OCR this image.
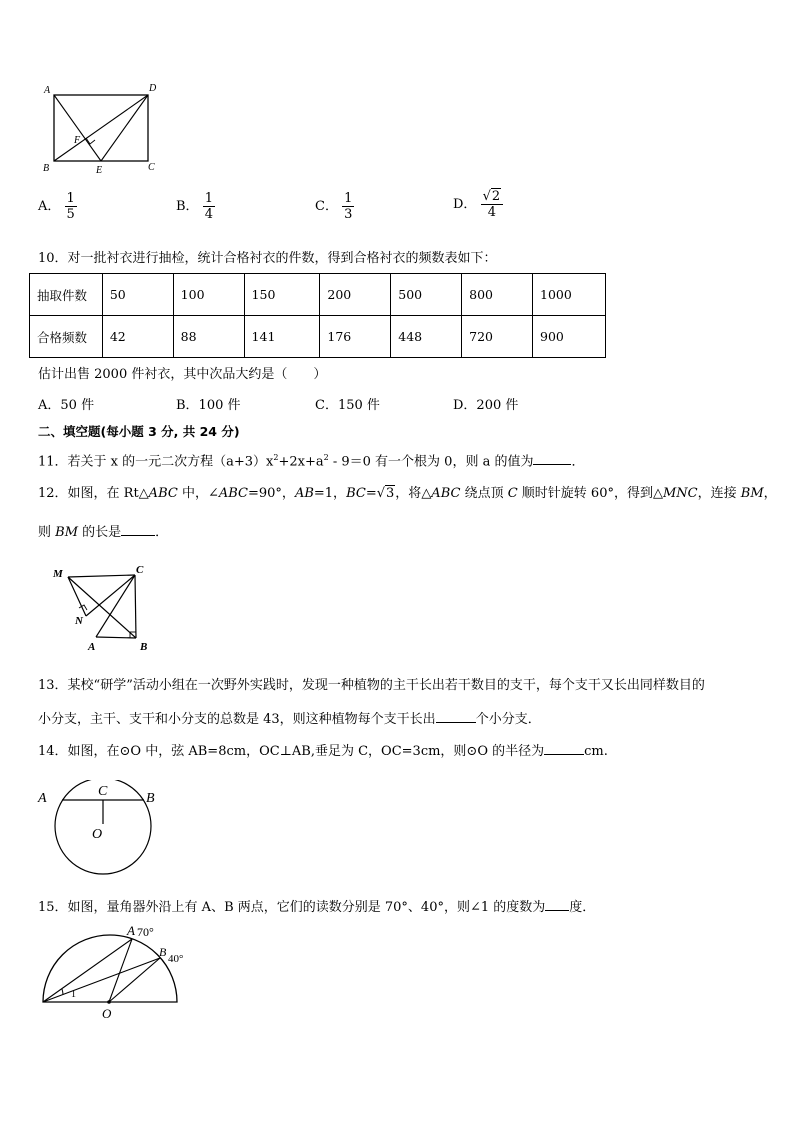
A	D
B	E	C
F
A． $\frac{1}{5}$	B． $\frac{1}{4}$	C． $\frac{1}{3}$	D． $\frac{√2}{4}$
10．对一批衬衣进行抽检，统计合格衬衣的件数，得到合格衬衣的频数表如下：
抽取件数	50	100	150	200	500	800	1000
合格频数	42	88	141	176	448	720	900
估计出售 2000 件衬衣，其中次品大约是（　　）
A．50 件	B．100 件	C．150 件	D．200 件
二、填空题(每小题 3 分, 共 24 分)
11．若关于 x 的一元二次方程$(a+3)x^2+2x+a^2 - 9=0$ 有一个根为 0，则 a 的值为	．
12．如图，在 Rt△ABC 中，∠ABC=90°，AB=1，BC=√3，将△ABC 绕点顶 C 顺时针旋转 60°，得到△MNC，连接 BM，
则 BM 的长是	．
M	C
N
A	B
13．某校“研学”活动小组在一次野外实践时，发现一种植物的主干长出若干数目的支干，每个支干又长出同样数目的
小分支，主干、支干和小分支的总数是 43，则这种植物每个支干长出	个小分支．
14．如图，在⊙O 中，弦 AB=8cm，OC⊥AB,垂足为 C，OC=3cm，则⊙O 的半径为	cm.
A	C	B
O
15．如图，量角器外沿上有 A、B 两点，它们的读数分别是 70°、40°，则∠1 的度数为 度．
A 70°
B 40°
1
O
